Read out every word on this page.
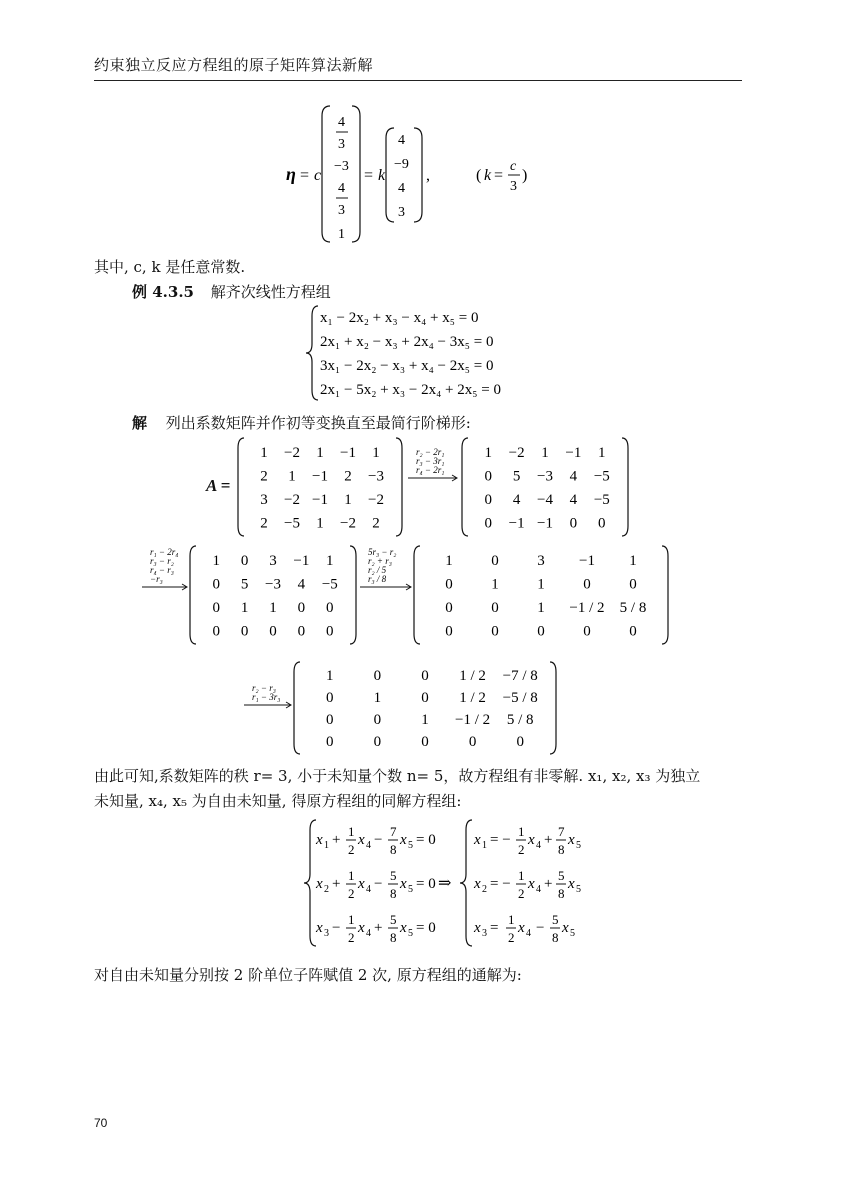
约束独立反应方程组的原子矩阵算法新解
η = c
4
3
−3
4
3
1
= k
4
−9
4
3
,	( k =
c
3
)
其中, c, k 是任意常数.
例 4.3.5 解齐次线性方程组
x₁ − 2x₂ + x₃ − x₄ + x₅ = 0
2x₁ + x₂ − x₃ + 2x₄ − 3x₅ = 0
3x₁ − 2x₂ − x₃ + x₄ − 2x₅ = 0
2x₁ − 5x₂ + x₃ − 2x₄ + 2x₅ = 0
解 列出系数矩阵并作初等变换直至最简行阶梯形:
A =
1 −2 1 −1 1
2 1 −1 2 −3
3 −2 −1 1 −2
2 −5 1 −2 2
r₂ − 2r₁
r₃ − 3r₁
r₄ − 2r₁
1 −2 1 −1 1
0 5 −3 4 −5
0 4 −4 4 −5
0 −1 −1 0 0
r₁ − 2r₄
r₃ − r₂
r₄ − r₃
−r₃
1 0 3 −1 1
0 5 −3 4 −5
0 1 1 0 0
0 0 0 0 0
5r₃ − r₂
r₂ + r₃
r₂ / 5
r₃ / 8
1	0	3 −1 1
0	1	1	0	0
0	0	1 −1 / 2 5 / 8
0	0	0	0	0
r₂ − r₃
r₁ − 3r₃
1	0	0 1 / 2 −7 / 8
0	1	0 1 / 2 −5 / 8
0	0	1 −1 / 2 5 / 8
0	0	0	0	0
由此可知,系数矩阵的秩 r= 3, 小于未知量个数 n= 5，故方程组有非零解. x₁, x₂, x₃ 为独立
未知量, x₄, x₅ 为自由未知量, 得原方程组的同解方程组:
x 1 +
1
2
x 4 −
7
8
x 5 = 0
x 2 +
1
2
x 4 −
5
8
x 5 = 0 ⇒
x 3 −
1
2
x 4 +
5
8
x 5 = 0
x 1 = −
1
2
x 4 +
7
8
x 5
x 2 = −
1
2
x 4 +
5
8
x 5
x 3 =
1
2
x 4 −
5
8
x 5
对自由未知量分别按 2 阶单位子阵赋值 2 次, 原方程组的通解为:
70
